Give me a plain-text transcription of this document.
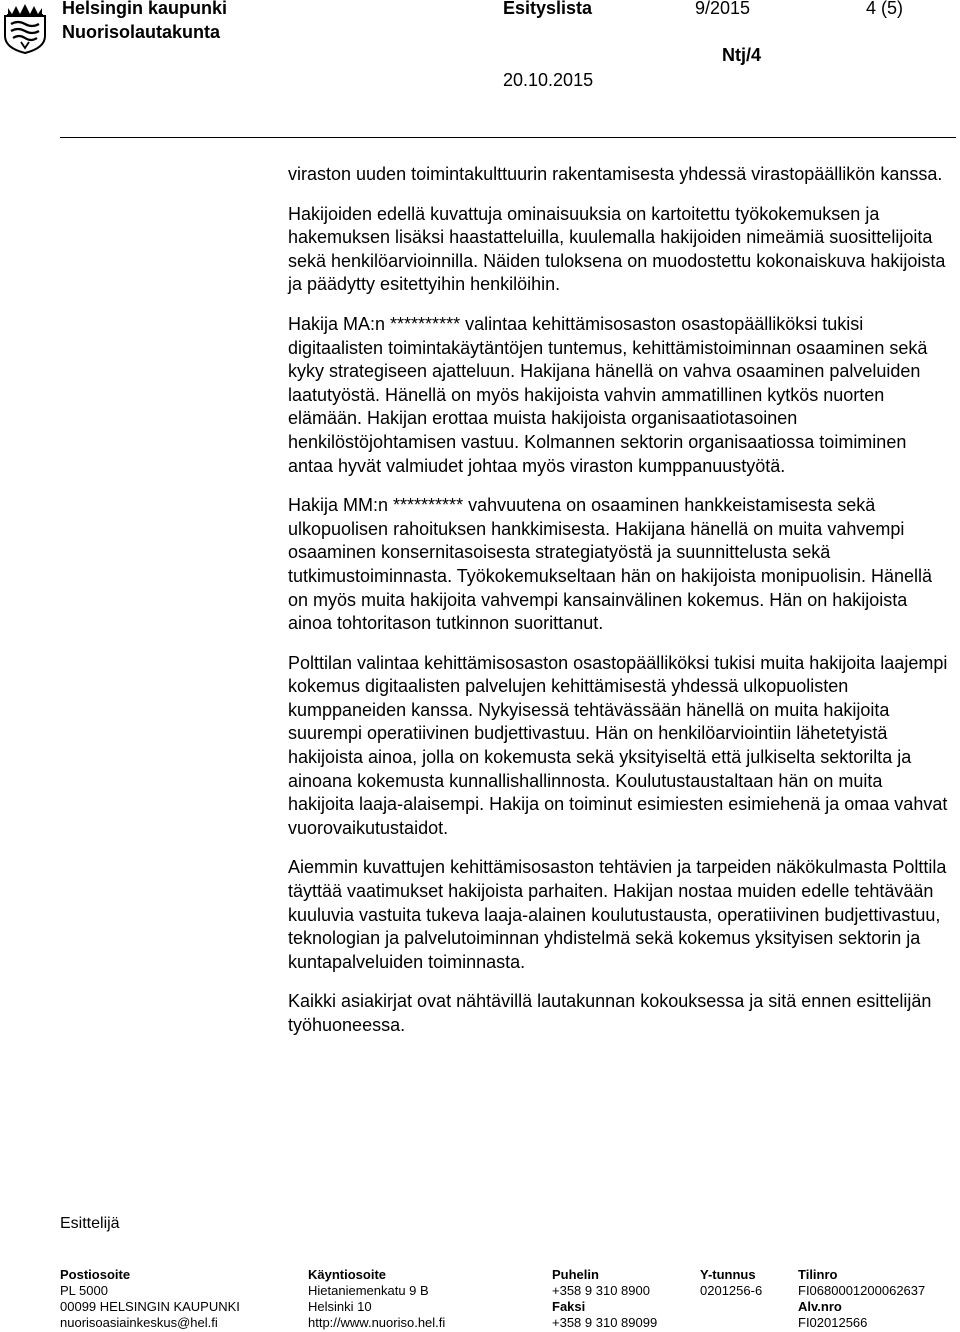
Helsingin kaupunki
Nuorisolautakunta
Esityslista	9/2015	4 (5)
Ntj/4
20.10.2015

viraston uuden toimintakulttuurin rakentamisesta yhdessä virastopäällikön kanssa.

Hakijoiden edellä kuvattuja ominaisuuksia on kartoitettu työkokemuksen ja hakemuksen lisäksi haastatteluilla, kuulemalla hakijoiden nimeämiä suosittelijoita sekä henkilöarvioinnilla. Näiden tuloksena on muodostettu kokonaiskuva hakijoista ja päädytty esitettyihin henkilöihin.

Hakija MA:n ********** valintaa kehittämisosaston osastopäälliköksi tukisi digitaalisten toimintakäytäntöjen tuntemus, kehittämistoiminnan osaaminen sekä kyky strategiseen ajatteluun. Hakijana hänellä on vahva osaaminen palveluiden laatutyöstä. Hänellä on myös hakijoista vahvin ammatillinen kytkös nuorten elämään. Hakijan erottaa muista hakijoista organisaatiotasoinen henkilöstöjohtamisen vastuu. Kolmannen sektorin organisaatiossa toimiminen antaa hyvät valmiudet johtaa myös viraston kumppanuustyötä.

Hakija MM:n ********** vahvuutena on osaaminen hankkeistamisesta sekä ulkopuolisen rahoituksen hankkimisesta. Hakijana hänellä on muita vahvempi osaaminen konsernitasoisesta strategiatyöstä ja suunnittelusta sekä tutkimustoiminnasta. Työkokemukseltaan hän on hakijoista monipuolisin. Hänellä on myös muita hakijoita vahvempi kansainvälinen kokemus. Hän on hakijoista ainoa tohtoritason tutkinnon suorittanut.

Polttilan valintaa kehittämisosaston osastopäälliköksi tukisi muita hakijoita laajempi kokemus digitaalisten palvelujen kehittämisestä yhdessä ulkopuolisten kumppaneiden kanssa. Nykyisessä tehtävässään hänellä on muita hakijoita suurempi operatiivinen budjettivastuu. Hän on henkilöarviointiin lähetetyistä hakijoista ainoa, jolla on kokemusta sekä yksityiseltä että julkiselta sektorilta ja ainoana kokemusta kunnallishallinnosta. Koulutustaustaltaan hän on muita hakijoita laaja-alaisempi. Hakija on toiminut esimiesten esimiehenä ja omaa vahvat vuorovaikutustaidot.

Aiemmin kuvattujen kehittämisosaston tehtävien ja tarpeiden näkökulmasta Polttila täyttää vaatimukset hakijoista parhaiten. Hakijan nostaa muiden edelle tehtävään kuuluvia vastuita tukeva laaja-alainen koulutustausta, operatiivinen budjettivastuu, teknologian ja palvelutoiminnan yhdistelmä sekä kokemus yksityisen sektorin ja kuntapalveluiden toiminnasta.

Kaikki asiakirjat ovat nähtävillä lautakunnan kokouksessa ja sitä ennen esittelijän työhuoneessa.

Esittelijä
Postiosoite
PL 5000
00099 HELSINGIN KAUPUNKI
nuorisoasiainkeskus@hel.fi
Käyntiosoite
Hietaniemenkatu 9 B
Helsinki 10
http://www.nuoriso.hel.fi
Puhelin
+358 9 310 8900
Faksi
+358 9 310 89099
Y-tunnus
0201256-6
Tilinro
FI0680001200062637
Alv.nro
FI02012566
